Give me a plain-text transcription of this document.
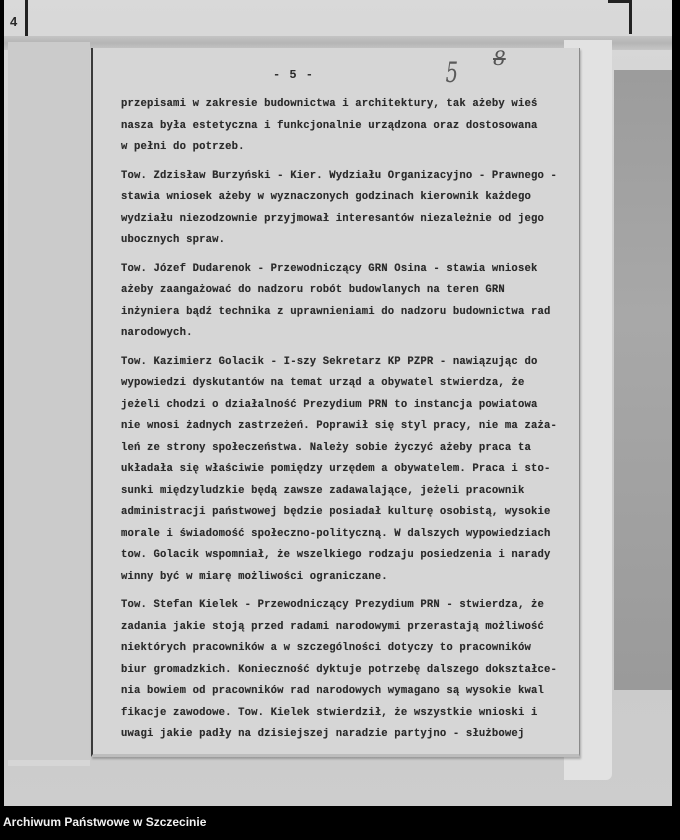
4
- 5 -	5 8
przepisami w zakresie budownictwa i architektury, tak ażeby wieś
nasza była estetyczna i funkcjonalnie urządzona oraz dostosowana
w pełni do potrzeb.
Tow. Zdzisław Burzyński - Kier. Wydziału Organizacyjno - Prawnego -
stawia wniosek ażeby w wyznaczonych godzinach kierownik każdego
wydziału niezodzownie przyjmował interesantów niezależnie od jego
ubocznych spraw.
Tow. Józef Dudarenok - Przewodniczący GRN Osina - stawia wniosek
ażeby zaangażować do nadzoru robót budowlanych na teren GRN
inżyniera bądź technika z uprawnieniami do nadzoru budownictwa rad
narodowych.
Tow. Kazimierz Golacik - I-szy Sekretarz KP PZPR - nawiązując do
wypowiedzi dyskutantów na temat urząd a obywatel stwierdza, że
jeżeli chodzi o działalność Prezydium PRN to instancja powiatowa
nie wnosi żadnych zastrzeżeń. Poprawił się styl pracy, nie ma zaża-
leń ze strony społeczeństwa. Należy sobie życzyć ażeby praca ta
układała się właściwie pomiędzy urzędem a obywatelem. Praca i sto-
sunki międzyludzkie będą zawsze zadawalające, jeżeli pracownik
administracji państwowej będzie posiadał kulturę osobistą, wysokie
morale i świadomość społeczno-polityczną. W dalszych wypowiedziach
tow. Golacik wspomniał, że wszelkiego rodzaju posiedzenia i narady
winny być w miarę możliwości ograniczane.
Tow. Stefan Kielek - Przewodniczący Prezydium PRN - stwierdza, że
zadania jakie stoją przed radami narodowymi przerastają możliwość
niektórych pracowników a w szczególności dotyczy to pracowników
biur gromadzkich. Konieczność dyktuje potrzebę dalszego dokształce-
nia bowiem od pracowników rad narodowych wymagano są wysokie kwal
fikacje zawodowe. Tow. Kielek stwierdził, że wszystkie wnioski i
uwagi jakie padły na dzisiejszej naradzie partyjno - służbowej
Archiwum Państwowe w Szczecinie
